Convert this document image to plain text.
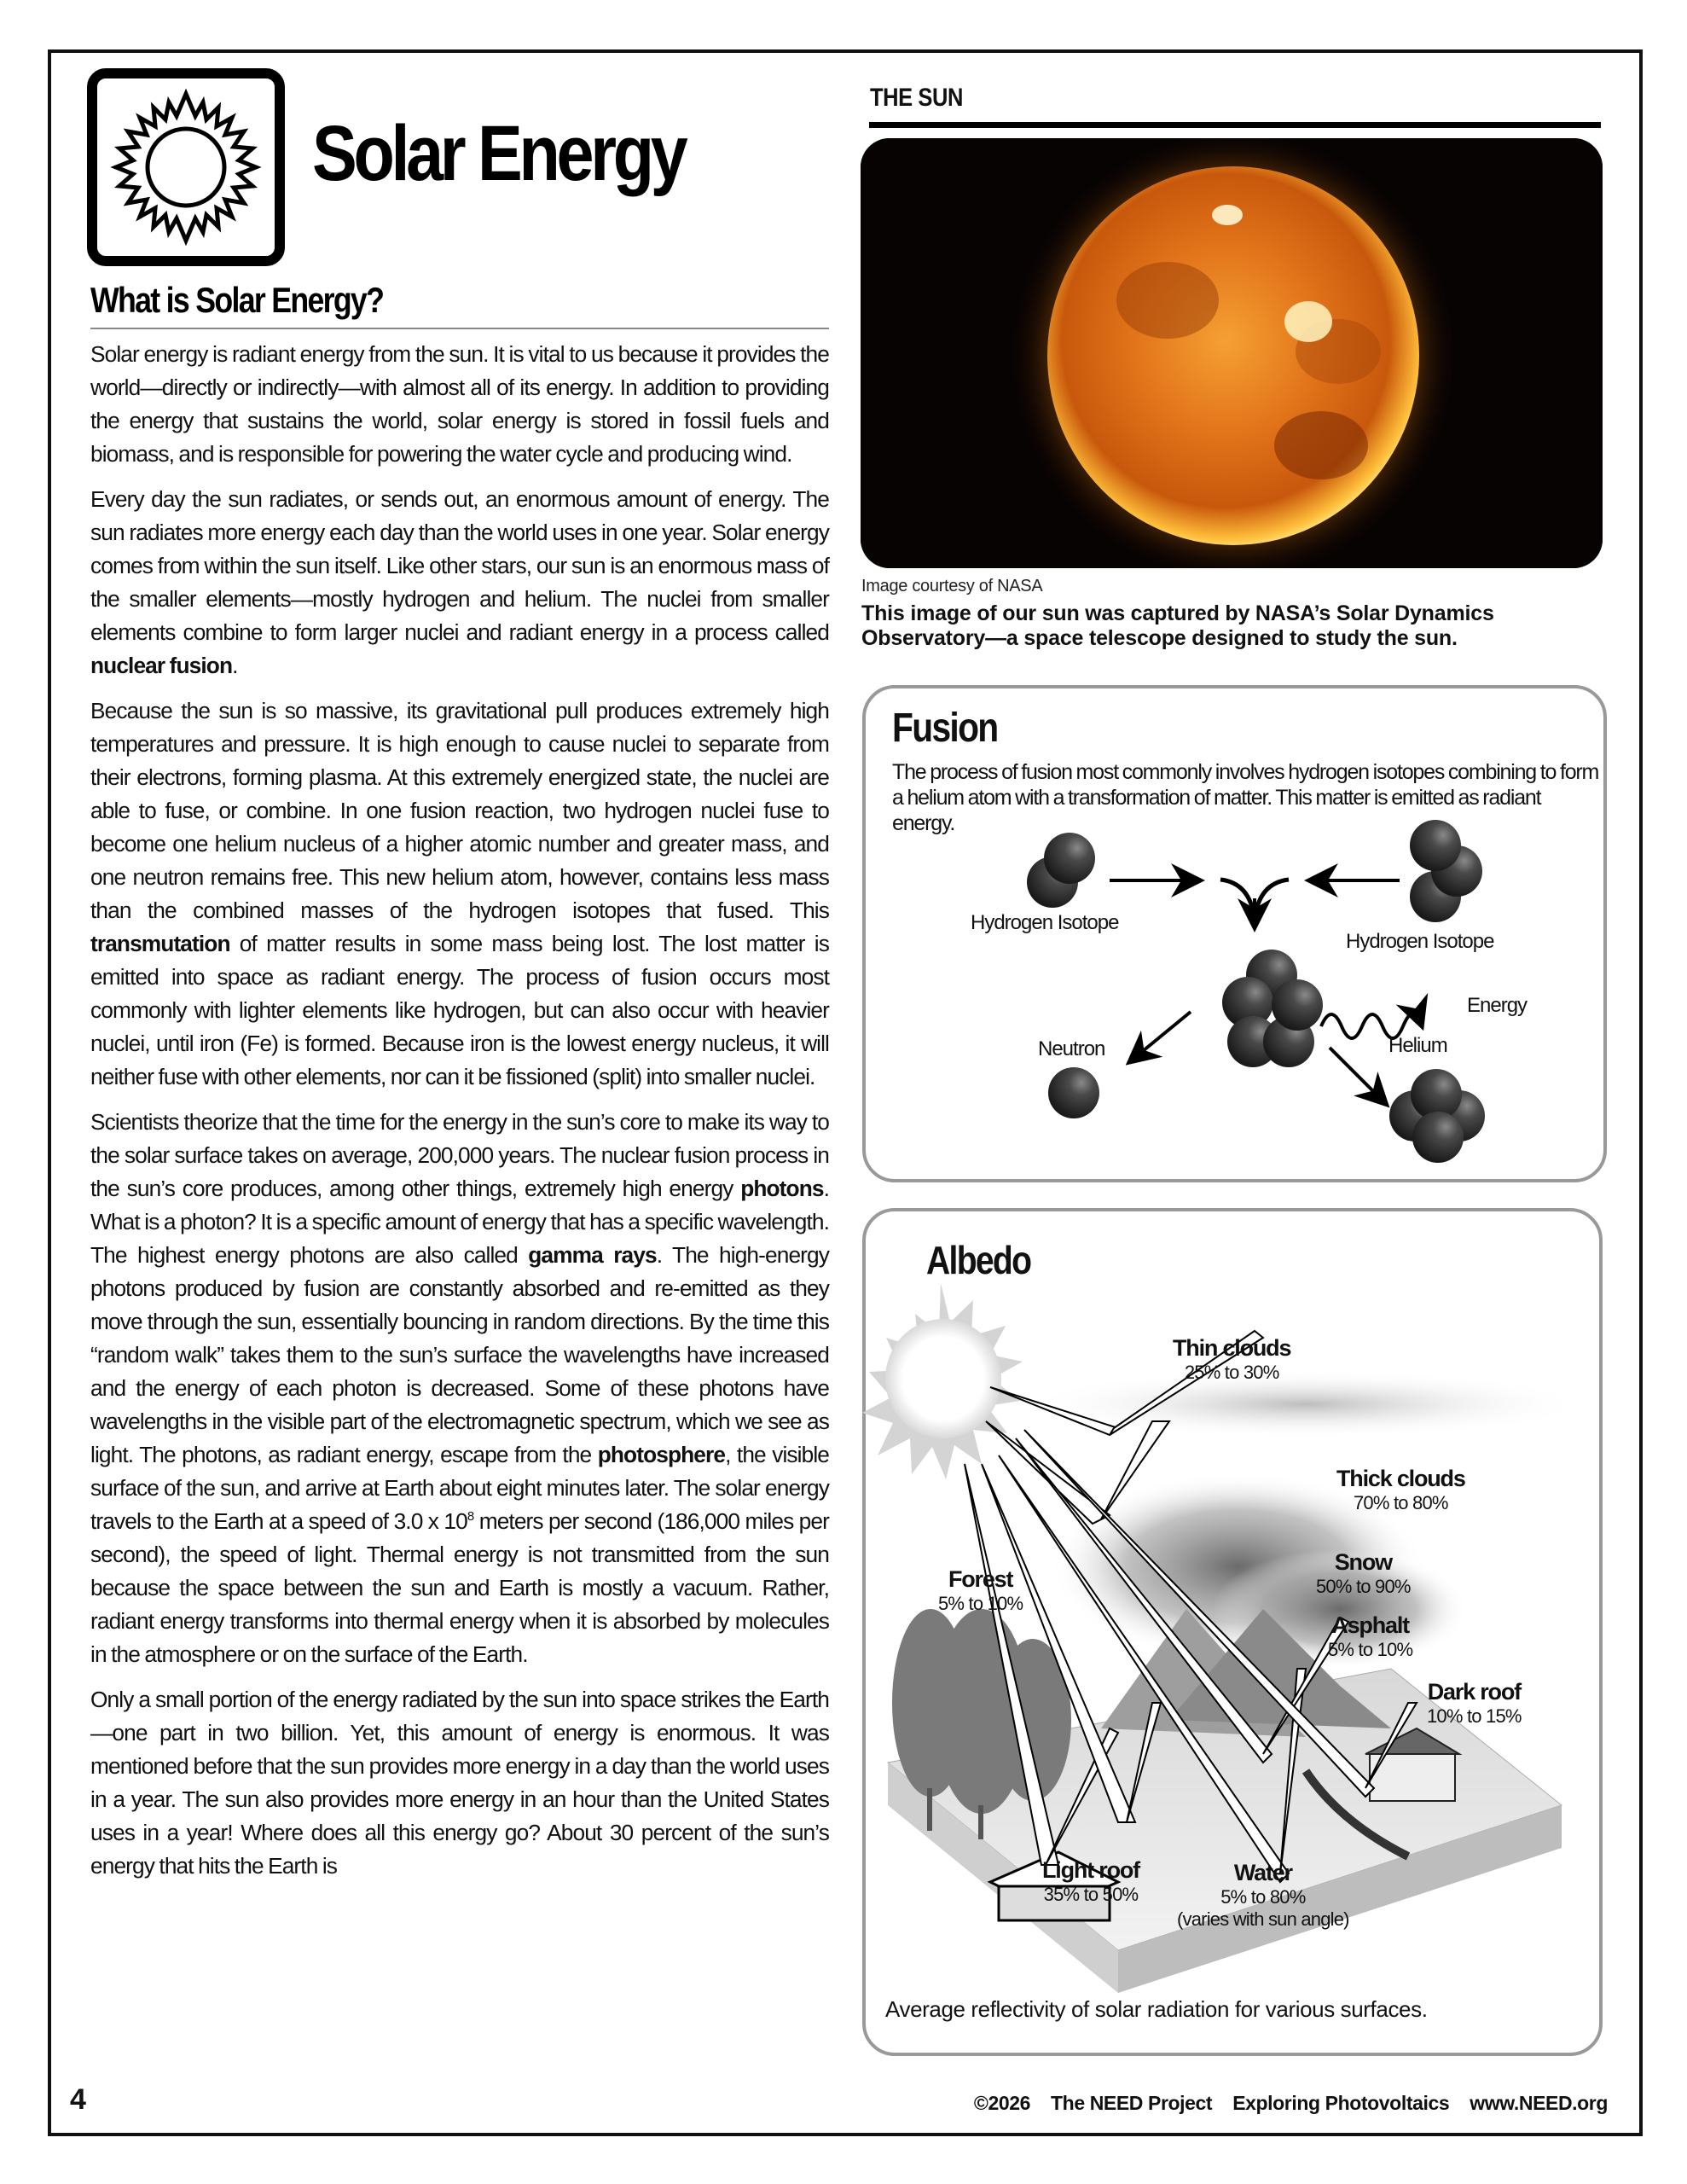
Solar Energy
What is Solar Energy?

Solar energy is radiant energy from the sun. It is vital to us because it provides the world—directly or indirectly—with almost all of its energy. In addition to providing the energy that sustains the world, solar energy is stored in fossil fuels and biomass, and is responsible for powering the water cycle and producing wind.

Every day the sun radiates, or sends out, an enormous amount of energy. The sun radiates more energy each day than the world uses in one year. Solar energy comes from within the sun itself. Like other stars, our sun is an enormous mass of the smaller elements—mostly hydrogen and helium. The nuclei from smaller elements combine to form larger nuclei and radiant energy in a process called nuclear fusion.

Because the sun is so massive, its gravitational pull produces extremely high temperatures and pressure. It is high enough to cause nuclei to separate from their electrons, forming plasma. At this extremely energized state, the nuclei are able to fuse, or combine. In one fusion reaction, two hydrogen nuclei fuse to become one helium nucleus of a higher atomic number and greater mass, and one neutron remains free. This new helium atom, however, contains less mass than the combined masses of the hydrogen isotopes that fused. This transmutation of matter results in some mass being lost. The lost matter is emitted into space as radiant energy. The process of fusion occurs most commonly with lighter elements like hydrogen, but can also occur with heavier nuclei, until iron (Fe) is formed. Because iron is the lowest energy nucleus, it will neither fuse with other elements, nor can it be fissioned (split) into smaller nuclei.

Scientists theorize that the time for the energy in the sun’s core to make its way to the solar surface takes on average, 200,000 years. The nuclear fusion process in the sun’s core produces, among other things, extremely high energy photons. What is a photon? It is a specific amount of energy that has a specific wavelength. The highest energy photons are also called gamma rays. The high-energy photons produced by fusion are constantly absorbed and re-emitted as they move through the sun, essentially bouncing in random directions. By the time this “random walk” takes them to the sun’s surface the wavelengths have increased and the energy of each photon is decreased. Some of these photons have wavelengths in the visible part of the electromagnetic spectrum, which we see as light. The photons, as radiant energy, escape from the photosphere, the visible surface of the sun, and arrive at Earth about eight minutes later. The solar energy travels to the Earth at a speed of 3.0 x $10^8$ meters per second (186,000 miles per second), the speed of light. Thermal energy is not transmitted from the sun because the space between the sun and Earth is mostly a vacuum. Rather, radiant energy transforms into thermal energy when it is absorbed by molecules in the atmosphere or on the surface of the Earth.

Only a small portion of the energy radiated by the sun into space strikes the Earth—one part in two billion. Yet, this amount of energy is enormous. It was mentioned before that the sun provides more energy in a day than the world uses in a year. The sun also provides more energy in an hour than the United States uses in a year! Where does all this energy go? About 30 percent of the sun’s energy that hits the Earth is

THE SUN
Image courtesy of NASA
This image of our sun was captured by NASA’s Solar Dynamics Observatory—a space telescope designed to study the sun.
Fusion
The process of fusion most commonly involves hydrogen isotopes combining to form a helium atom with a transformation of matter. This matter is emitted as radiant energy.
Hydrogen Isotope
Hydrogen Isotope
Energy
Neutron	Helium
Albedo
Thin clouds
25% to 30%
Thick clouds
70% to 80%
Snow
50% to 90%
Forest
5% to 10%
Asphalt
5% to 10%
Dark roof
10% to 15%
Light roof
35% to 50%
Water
5% to 80%
(varies with sun angle)
Average reflectivity of solar radiation for various surfaces.
4	©2026 The NEED Project Exploring Photovoltaics www.NEED.org
